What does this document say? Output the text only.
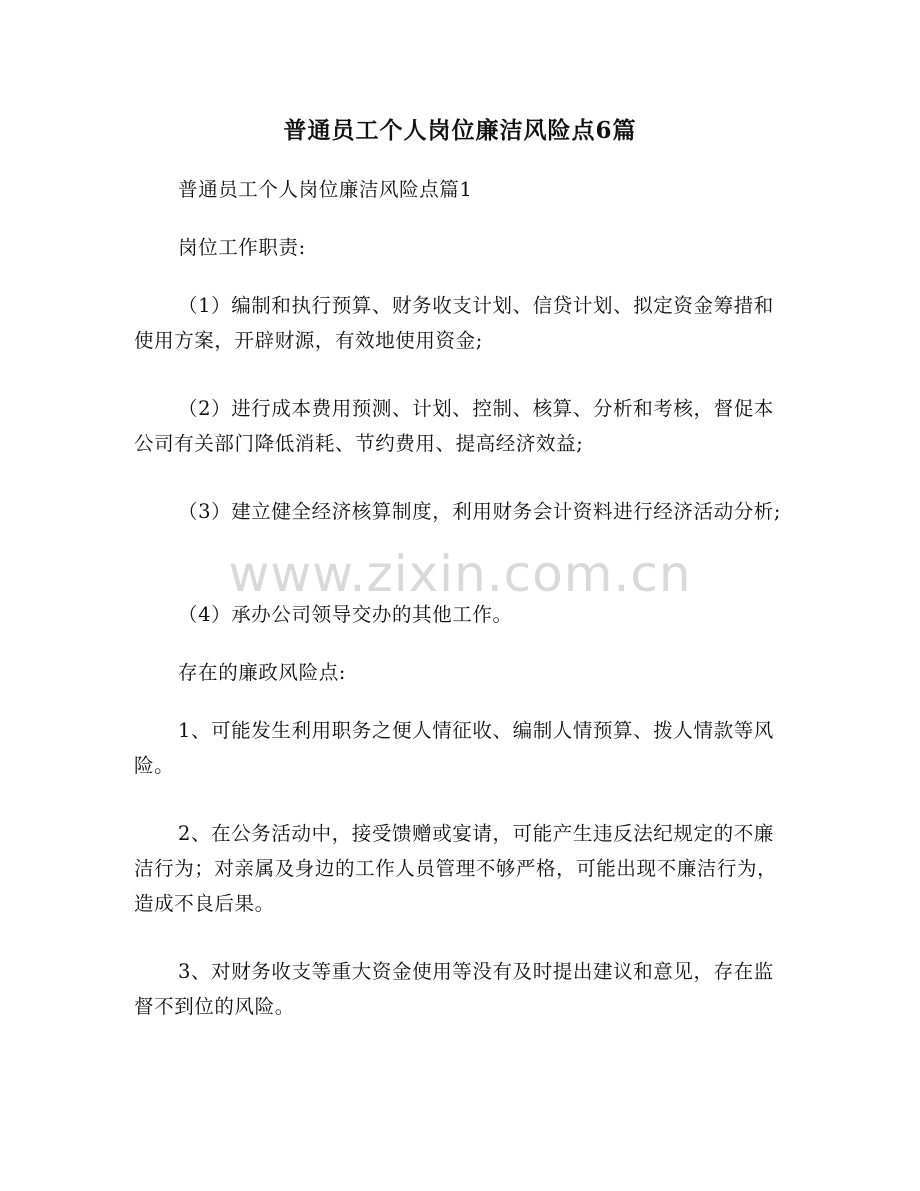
普通员工个人岗位廉洁风险点6篇

普通员工个人岗位廉洁风险点篇1

岗位工作职责:

（1）编制和执行预算、财务收支计划、信贷计划、拟定资金筹措和使用方案，开辟财源，有效地使用资金;

（2）进行成本费用预测、计划、控制、核算、分析和考核，督促本公司有关部门降低消耗、节约费用、提高经济效益;

（3）建立健全经济核算制度，利用财务会计资料进行经济活动分析;

（4）承办公司领导交办的其他工作。

存在的廉政风险点:

1、可能发生利用职务之便人情征收、编制人情预算、拨人情款等风险。

2、在公务活动中，接受馈赠或宴请，可能产生违反法纪规定的不廉洁行为；对亲属及身边的工作人员管理不够严格，可能出现不廉洁行为，造成不良后果。

3、对财务收支等重大资金使用等没有及时提出建议和意见，存在监督不到位的风险。

www.zixin.com.cn
